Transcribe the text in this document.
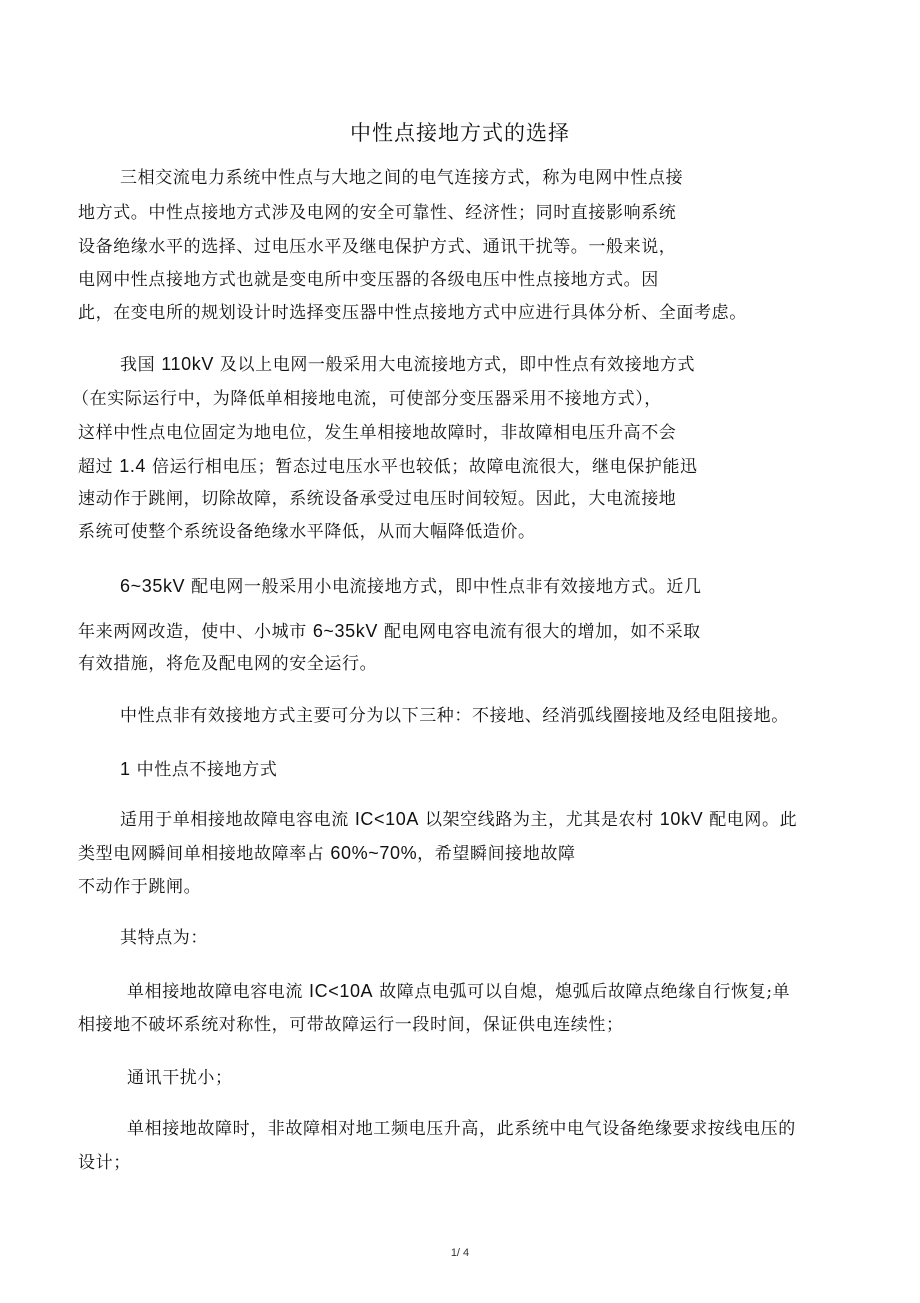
中性点接地方式的选择
三相交流电力系统中性点与大地之间的电气连接方式，称为电网中性点接
地方式。中性点接地方式涉及电网的安全可靠性、经济性；同时直接影响系统
设备绝缘水平的选择、过电压水平及继电保护方式、通讯干扰等。一般来说，
电网中性点接地方式也就是变电所中变压器的各级电压中性点接地方式。因
此，在变电所的规划设计时选择变压器中性点接地方式中应进行具体分析、全面考虑。
我国 110kV 及以上电网一般采用大电流接地方式，即中性点有效接地方式
（在实际运行中，为降低单相接地电流，可使部分变压器采用不接地方式），
这样中性点电位固定为地电位，发生单相接地故障时，非故障相电压升高不会
超过 1.4 倍运行相电压；暂态过电压水平也较低；故障电流很大，继电保护能迅
速动作于跳闸，切除故障，系统设备承受过电压时间较短。因此，大电流接地
系统可使整个系统设备绝缘水平降低，从而大幅降低造价。
6~35kV 配电网一般采用小电流接地方式，即中性点非有效接地方式。近几
年来两网改造，使中、小城市 6~35kV 配电网电容电流有很大的增加，如不采取
有效措施，将危及配电网的安全运行。
中性点非有效接地方式主要可分为以下三种：不接地、经消弧线圈接地及经电阻接地。
1 中性点不接地方式
适用于单相接地故障电容电流 IC<10A 以架空线路为主，尤其是农村 10kV 配电网。此
类型电网瞬间单相接地故障率占 60%~70%，希望瞬间接地故障
不动作于跳闸。
其特点为：
单相接地故障电容电流 IC<10A 故障点电弧可以自熄，熄弧后故障点绝缘自行恢复;单
相接地不破坏系统对称性，可带故障运行一段时间，保证供电连续性；
通讯干扰小；
单相接地故障时，非故障相对地工频电压升高，此系统中电气设备绝缘要求按线电压的
设计；
1/ 4
